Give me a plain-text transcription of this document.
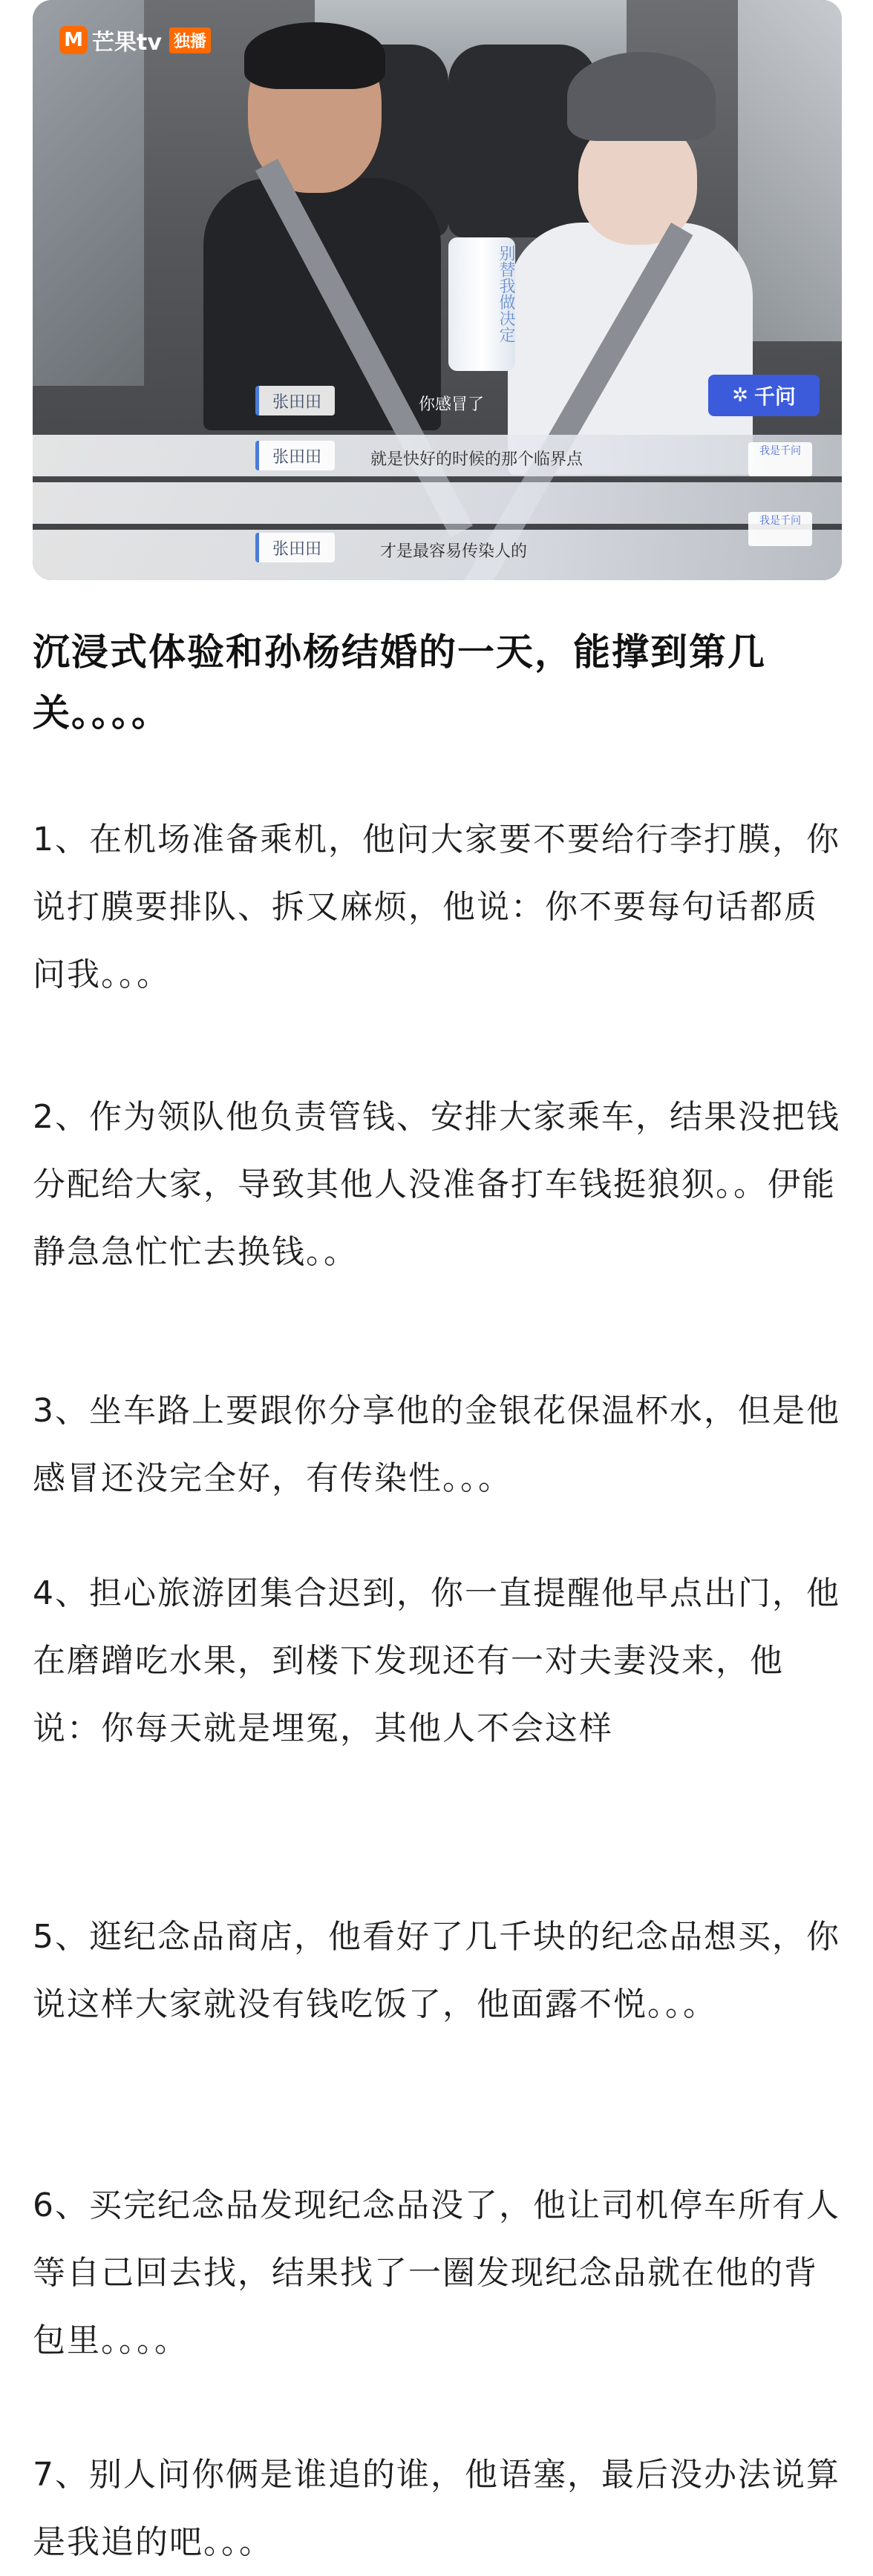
别替我做决定
M 芒果tv 独播
✲ 千问
张田田	你感冒了
张田田	就是快好的时候的那个临界点
张田田	才是最容易传染人的
我是千问
我是千问
沉浸式体验和孙杨结婚的一天，能撑到第几关。。。。

1、在机场准备乘机，他问大家要不要给行李打膜，你说打膜要排队、拆又麻烦，他说：你不要每句话都质问我。。。

2、作为领队他负责管钱、安排大家乘车，结果没把钱分配给大家，导致其他人没准备打车钱挺狼狈。。伊能静急急忙忙去换钱。。

3、坐车路上要跟你分享他的金银花保温杯水，但是他感冒还没完全好，有传染性。。。

4、担心旅游团集合迟到，你一直提醒他早点出门，他在磨蹭吃水果，到楼下发现还有一对夫妻没来，他说：你每天就是埋冤，其他人不会这样

5、逛纪念品商店，他看好了几千块的纪念品想买，你说这样大家就没有钱吃饭了，他面露不悦。。。

6、买完纪念品发现纪念品没了，他让司机停车所有人等自己回去找，结果找了一圈发现纪念品就在他的背包里。。。。

7、别人问你俩是谁追的谁，他语塞，最后没办法说算是我追的吧。。。
